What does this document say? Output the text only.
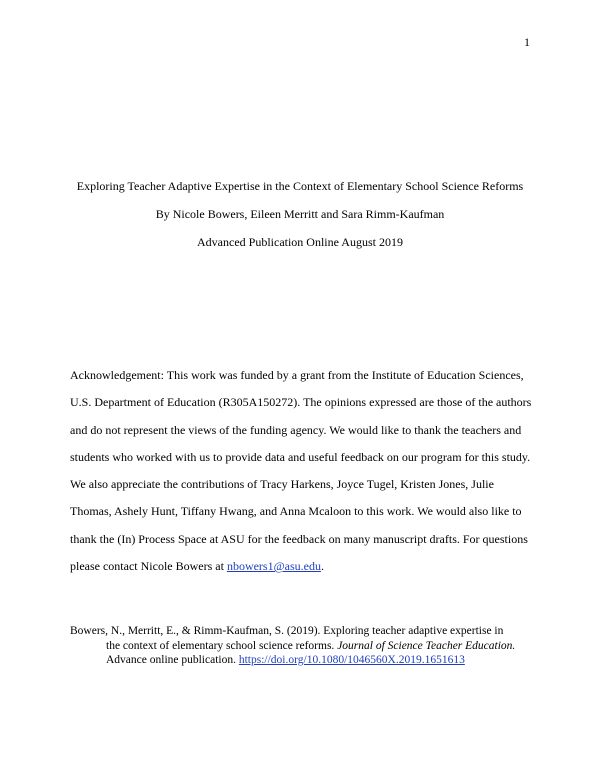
1
Exploring Teacher Adaptive Expertise in the Context of Elementary School Science Reforms
By Nicole Bowers, Eileen Merritt and Sara Rimm-Kaufman
Advanced Publication Online August 2019
Acknowledgement: This work was funded by a grant from the Institute of Education Sciences,
U.S. Department of Education (R305A150272). The opinions expressed are those of the authors
and do not represent the views of the funding agency. We would like to thank the teachers and
students who worked with us to provide data and useful feedback on our program for this study.
We also appreciate the contributions of Tracy Harkens, Joyce Tugel, Kristen Jones, Julie
Thomas, Ashely Hunt, Tiffany Hwang, and Anna Mcaloon to this work. We would also like to
thank the (In) Process Space at ASU for the feedback on many manuscript drafts. For questions
please contact Nicole Bowers at nbowers1@asu.edu.
Bowers, N., Merritt, E., & Rimm-Kaufman, S. (2019). Exploring teacher adaptive expertise in
the context of elementary school science reforms. Journal of Science Teacher Education.
Advance online publication. https://doi.org/10.1080/1046560X.2019.1651613
